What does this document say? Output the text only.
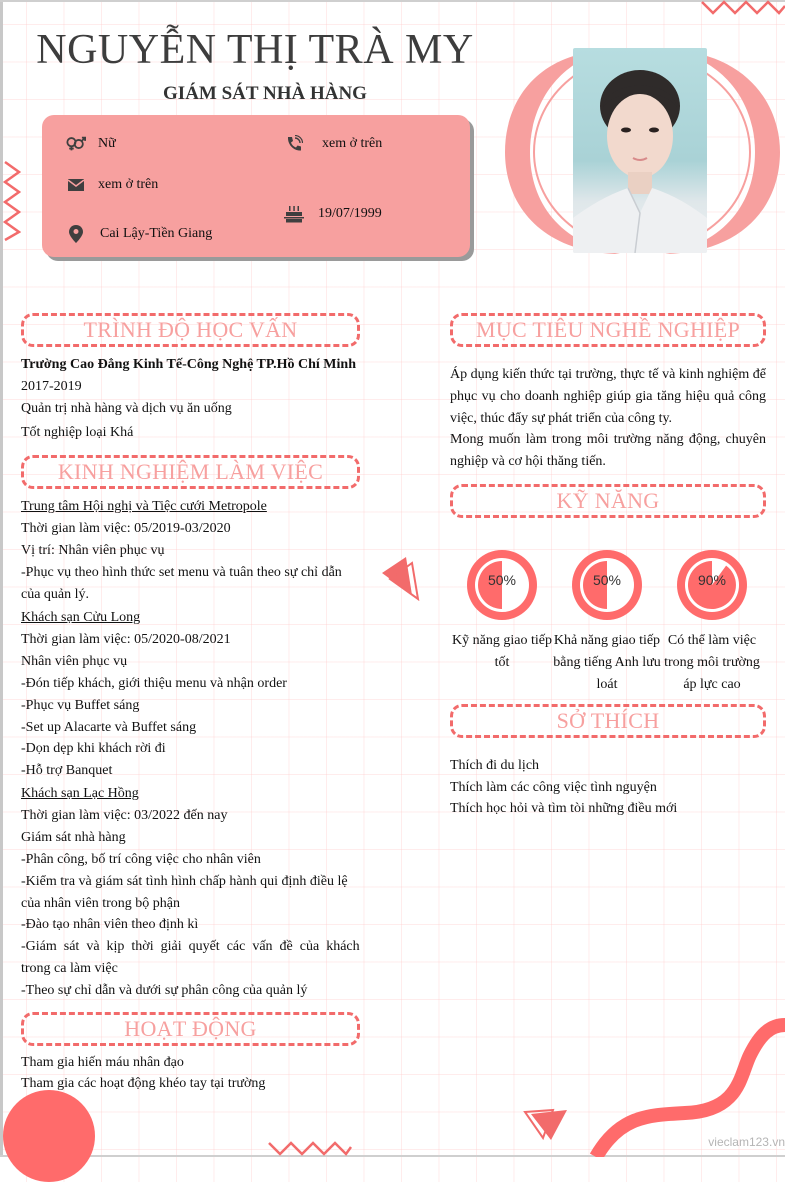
NGUYỄN THỊ TRÀ MY
GIÁM SÁT NHÀ HÀNG
Nữ	xem ở trên
xem ở trên
19/07/1999
Cai Lậy-Tiền Giang
TRÌNH ĐỘ HỌC VẤN
Trường Cao Đẳng Kinh Tế-Công Nghệ TP.Hồ Chí Minh
2017-2019
Quản trị nhà hàng và dịch vụ ăn uống
Tốt nghiệp loại Khá
KINH NGHIỆM LÀM VIỆC
Trung tâm Hội nghị và Tiệc cưới Metropole
Thời gian làm việc: 05/2019-03/2020
Vị trí: Nhân viên phục vụ
-Phục vụ theo hình thức set menu và tuân theo sự chỉ dẫn
của quản lý.
Khách sạn Cửu Long
Thời gian làm việc: 05/2020-08/2021
Nhân viên phục vụ
-Đón tiếp khách, giới thiệu menu và nhận order
-Phục vụ Buffet sáng
-Set up Alacarte và Buffet sáng
-Dọn dẹp khi khách rời đi
-Hỗ trợ Banquet
Khách sạn Lạc Hồng
Thời gian làm việc: 03/2022 đến nay
Giám sát nhà hàng
-Phân công, bố trí công việc cho nhân viên
-Kiểm tra và giám sát tình hình chấp hành qui định điều lệ
của nhân viên trong bộ phận
-Đào tạo nhân viên theo định kì
-Giám sát và kịp thời giải quyết các vấn đề của khách
trong ca làm việc
-Theo sự chỉ dẫn và dưới sự phân công của quản lý
HOẠT ĐỘNG
Tham gia hiến máu nhân đạo
Tham gia các hoạt động khéo tay tại trường
MỤC TIÊU NGHỀ NGHIỆP
Áp dụng kiến thức tại trường, thực tế và kinh nghiệm để phục vụ cho doanh nghiệp giúp gia tăng hiệu quả công việc, thúc đẩy sự phát triển của công ty.
Mong muốn làm trong môi trường năng động, chuyên nghiệp và cơ hội thăng tiến.
KỸ NĂNG
50%
Kỹ năng giao tiếp tốt
50%
Khả năng giao tiếp bằng tiếng Anh lưu loát
90%
Có thể làm việc trong môi trường áp lực cao
SỞ THÍCH
Thích đi du lịch
Thích làm các công việc tình nguyện
Thích học hỏi và tìm tòi những điều mới
vieclam123.vn
